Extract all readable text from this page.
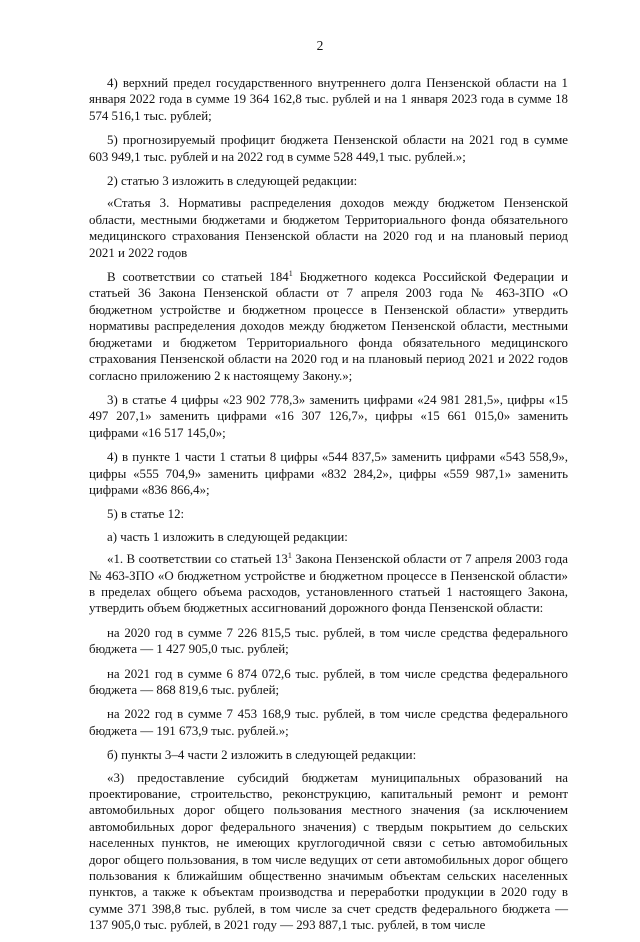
2

4) верхний предел государственного внутреннего долга Пензенской области на 1 января 2022 года в сумме 19 364 162,8 тыс. рублей и на 1 января 2023 года в сумме 18 574 516,1 тыс. рублей;

5) прогнозируемый профицит бюджета Пензенской области на 2021 год в сумме 603 949,1 тыс. рублей и на 2022 год в сумме 528 449,1 тыс. рублей.»;

2) статью 3 изложить в следующей редакции:

«Статья 3. Нормативы распределения доходов между бюджетом Пензенской области, местными бюджетами и бюджетом Территориального фонда обязательного медицинского страхования Пензенской области на 2020 год и на плановый период 2021 и 2022 годов

В соответствии со статьей $184^1$ Бюджетного кодекса Российской Федерации и статьей 36 Закона Пензенской области от 7 апреля 2003 года № 463-ЗПО «О бюджетном устройстве и бюджетном процессе в Пензенской области» утвердить нормативы распределения доходов между бюджетом Пензенской области, местными бюджетами и бюджетом Территориального фонда обязательного медицинского страхования Пензенской области на 2020 год и на плановый период 2021 и 2022 годов согласно приложению 2 к настоящему Закону.»;

3) в статье 4 цифры «23 902 778,3» заменить цифрами «24 981 281,5», цифры «15 497 207,1» заменить цифрами «16 307 126,7», цифры «15 661 015,0» заменить цифрами «16 517 145,0»;

4) в пункте 1 части 1 статьи 8 цифры «544 837,5» заменить цифрами «543 558,9», цифры «555 704,9» заменить цифрами «832 284,2», цифры «559 987,1» заменить цифрами «836 866,4»;

5) в статье 12:

а) часть 1 изложить в следующей редакции:

«1. В соответствии со статьей $13^1$ Закона Пензенской области от 7 апреля 2003 года № 463-ЗПО «О бюджетном устройстве и бюджетном процессе в Пензенской области» в пределах общего объема расходов, установленного статьей 1 настоящего Закона, утвердить объем бюджетных ассигнований дорожного фонда Пензенской области:

на 2020 год в сумме 7 226 815,5 тыс. рублей, в том числе средства федерального бюджета — 1 427 905,0 тыс. рублей;

на 2021 год в сумме 6 874 072,6 тыс. рублей, в том числе средства федерального бюджета — 868 819,6 тыс. рублей;

на 2022 год в сумме 7 453 168,9 тыс. рублей, в том числе средства федерального бюджета — 191 673,9 тыс. рублей.»;

б) пункты 3–4 части 2 изложить в следующей редакции:

«3) предоставление субсидий бюджетам муниципальных образований на проектирование, строительство, реконструкцию, капитальный ремонт и ремонт автомобильных дорог общего пользования местного значения (за исключением автомобильных дорог федерального значения) с твердым покрытием до сельских населенных пунктов, не имеющих круглогодичной связи с сетью автомобильных дорог общего пользования, в том числе ведущих от сети автомобильных дорог общего пользования к ближайшим общественно значимым объектам сельских населенных пунктов, а также к объектам производства и переработки продукции в 2020 году в сумме 371 398,8 тыс. рублей, в том числе за счет средств федерального бюджета — 137 905,0 тыс. рублей, в 2021 году — 293 887,1 тыс. рублей, в том числе
